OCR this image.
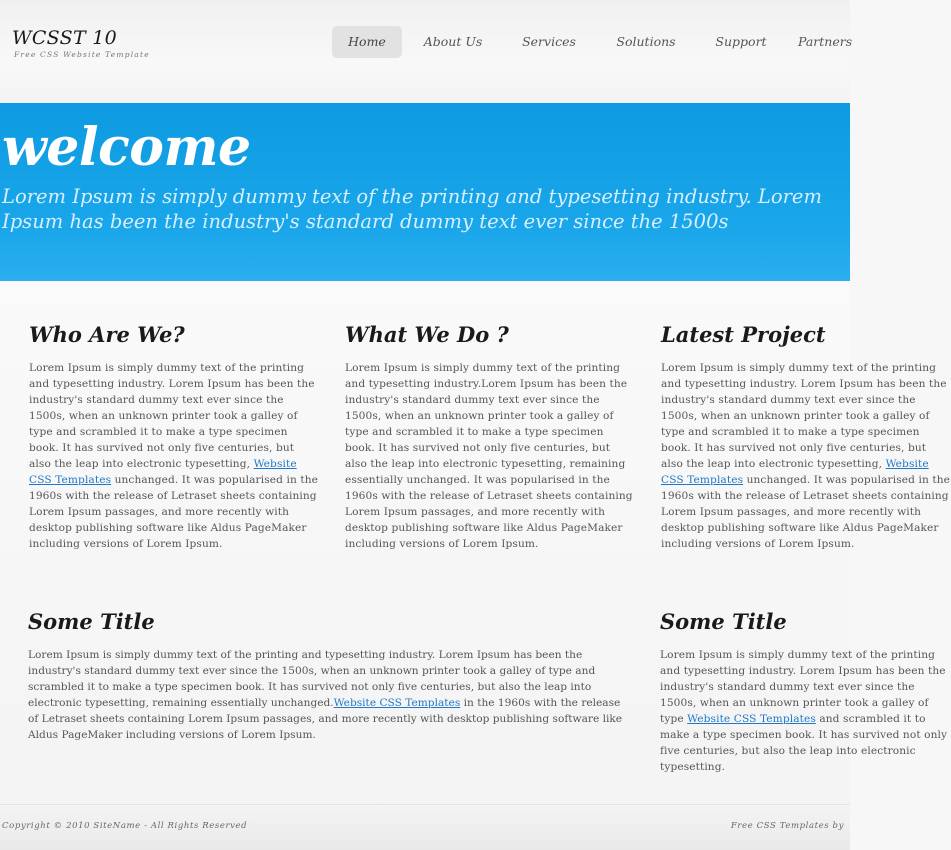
WCSST 10
Free CSS Website Template
Home	About Us	Services	Solutions	Support	Partners
welcome
Lorem Ipsum is simply dummy text of the printing and typesetting industry. Lorem Ipsum has been the industry's standard dummy text ever since the 1500s
Who Are We?

Lorem Ipsum is simply dummy text of the printing and typesetting industry. Lorem Ipsum has been the industry's standard dummy text ever since the 1500s, when an unknown printer took a galley of type and scrambled it to make a type specimen book. It has survived not only five centuries, but also the leap into electronic typesetting, Website CSS Templates unchanged. It was popularised in the 1960s with the release of Letraset sheets containing Lorem Ipsum passages, and more recently with desktop publishing software like Aldus PageMaker including versions of Lorem Ipsum.

What We Do ?

Lorem Ipsum is simply dummy text of the printing and typesetting industry.Lorem Ipsum has been the industry's standard dummy text ever since the 1500s, when an unknown printer took a galley of type and scrambled it to make a type specimen book. It has survived not only five centuries, but also the leap into electronic typesetting, remaining essentially unchanged. It was popularised in the 1960s with the release of Letraset sheets containing Lorem Ipsum passages, and more recently with desktop publishing software like Aldus PageMaker including versions of Lorem Ipsum.

Latest Project

Lorem Ipsum is simply dummy text of the printing and typesetting industry. Lorem Ipsum has been the industry's standard dummy text ever since the 1500s, when an unknown printer took a galley of type and scrambled it to make a type specimen book. It has survived not only five centuries, but also the leap into electronic typesetting, Website CSS Templates unchanged. It was popularised in the 1960s with the release of Letraset sheets containing Lorem Ipsum passages, and more recently with desktop publishing software like Aldus PageMaker including versions of Lorem Ipsum.

Some Title

Lorem Ipsum is simply dummy text of the printing and typesetting industry. Lorem Ipsum has been the industry's standard dummy text ever since the 1500s, when an unknown printer took a galley of type and scrambled it to make a type specimen book. It has survived not only five centuries, but also the leap into electronic typesetting, remaining essentially unchanged.Website CSS Templates in the 1960s with the release of Letraset sheets containing Lorem Ipsum passages, and more recently with desktop publishing software like Aldus PageMaker including versions of Lorem Ipsum.

Some Title

Lorem Ipsum is simply dummy text of the printing and typesetting industry. Lorem Ipsum has been the industry's standard dummy text ever since the 1500s, when an unknown printer took a galley of type Website CSS Templates and scrambled it to make a type specimen book. It has survived not only five centuries, but also the leap into electronic typesetting.

Copyright © 2010 SiteName - All Rights Reserved	Free CSS Templates by
